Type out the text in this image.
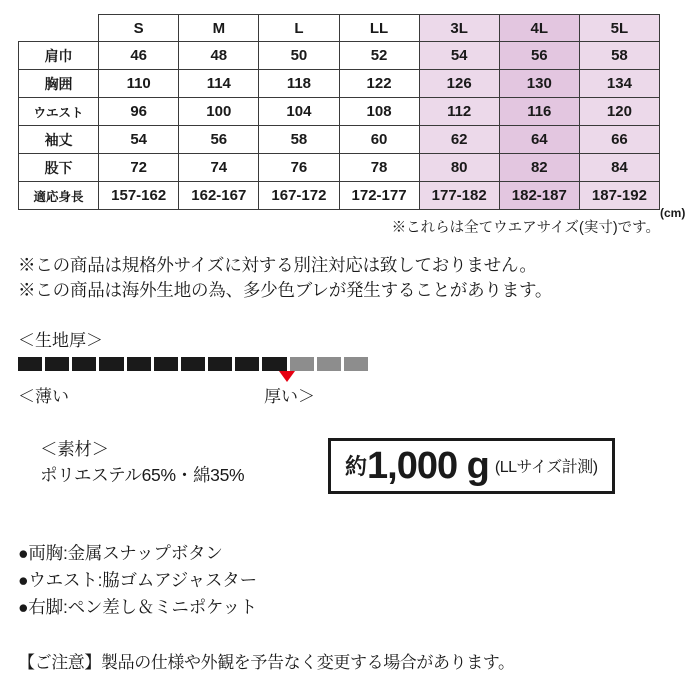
	S	M	L	LL	3L	4L	5L
肩巾	46	48	50	52	54	56	58
胸囲	110	114	118	122	126	130	134
ウエスト	96	100	104	108	112	116	120
袖丈	54	56	58	60	62	64	66
股下	72	74	76	78	80	82	84
適応身長	157-162	162-167	167-172	172-177	177-182	182-187	187-192
(cm)
※これらは全てウエアサイズ(実寸)です。
※この商品は規格外サイズに対する別注対応は致しておりません。
※この商品は海外生地の為、多少色ブレが発生することがあります。
＜生地厚＞
＜薄い	厚い＞
＜素材＞
ポリエステル65%・綿35%	約 1,000 g (LLサイズ計測)
●両胸:金属スナップボタン
●ウエスト:脇ゴムアジャスター
●右脚:ペン差し＆ミニポケット
【ご注意】製品の仕様や外観を予告なく変更する場合があります。
